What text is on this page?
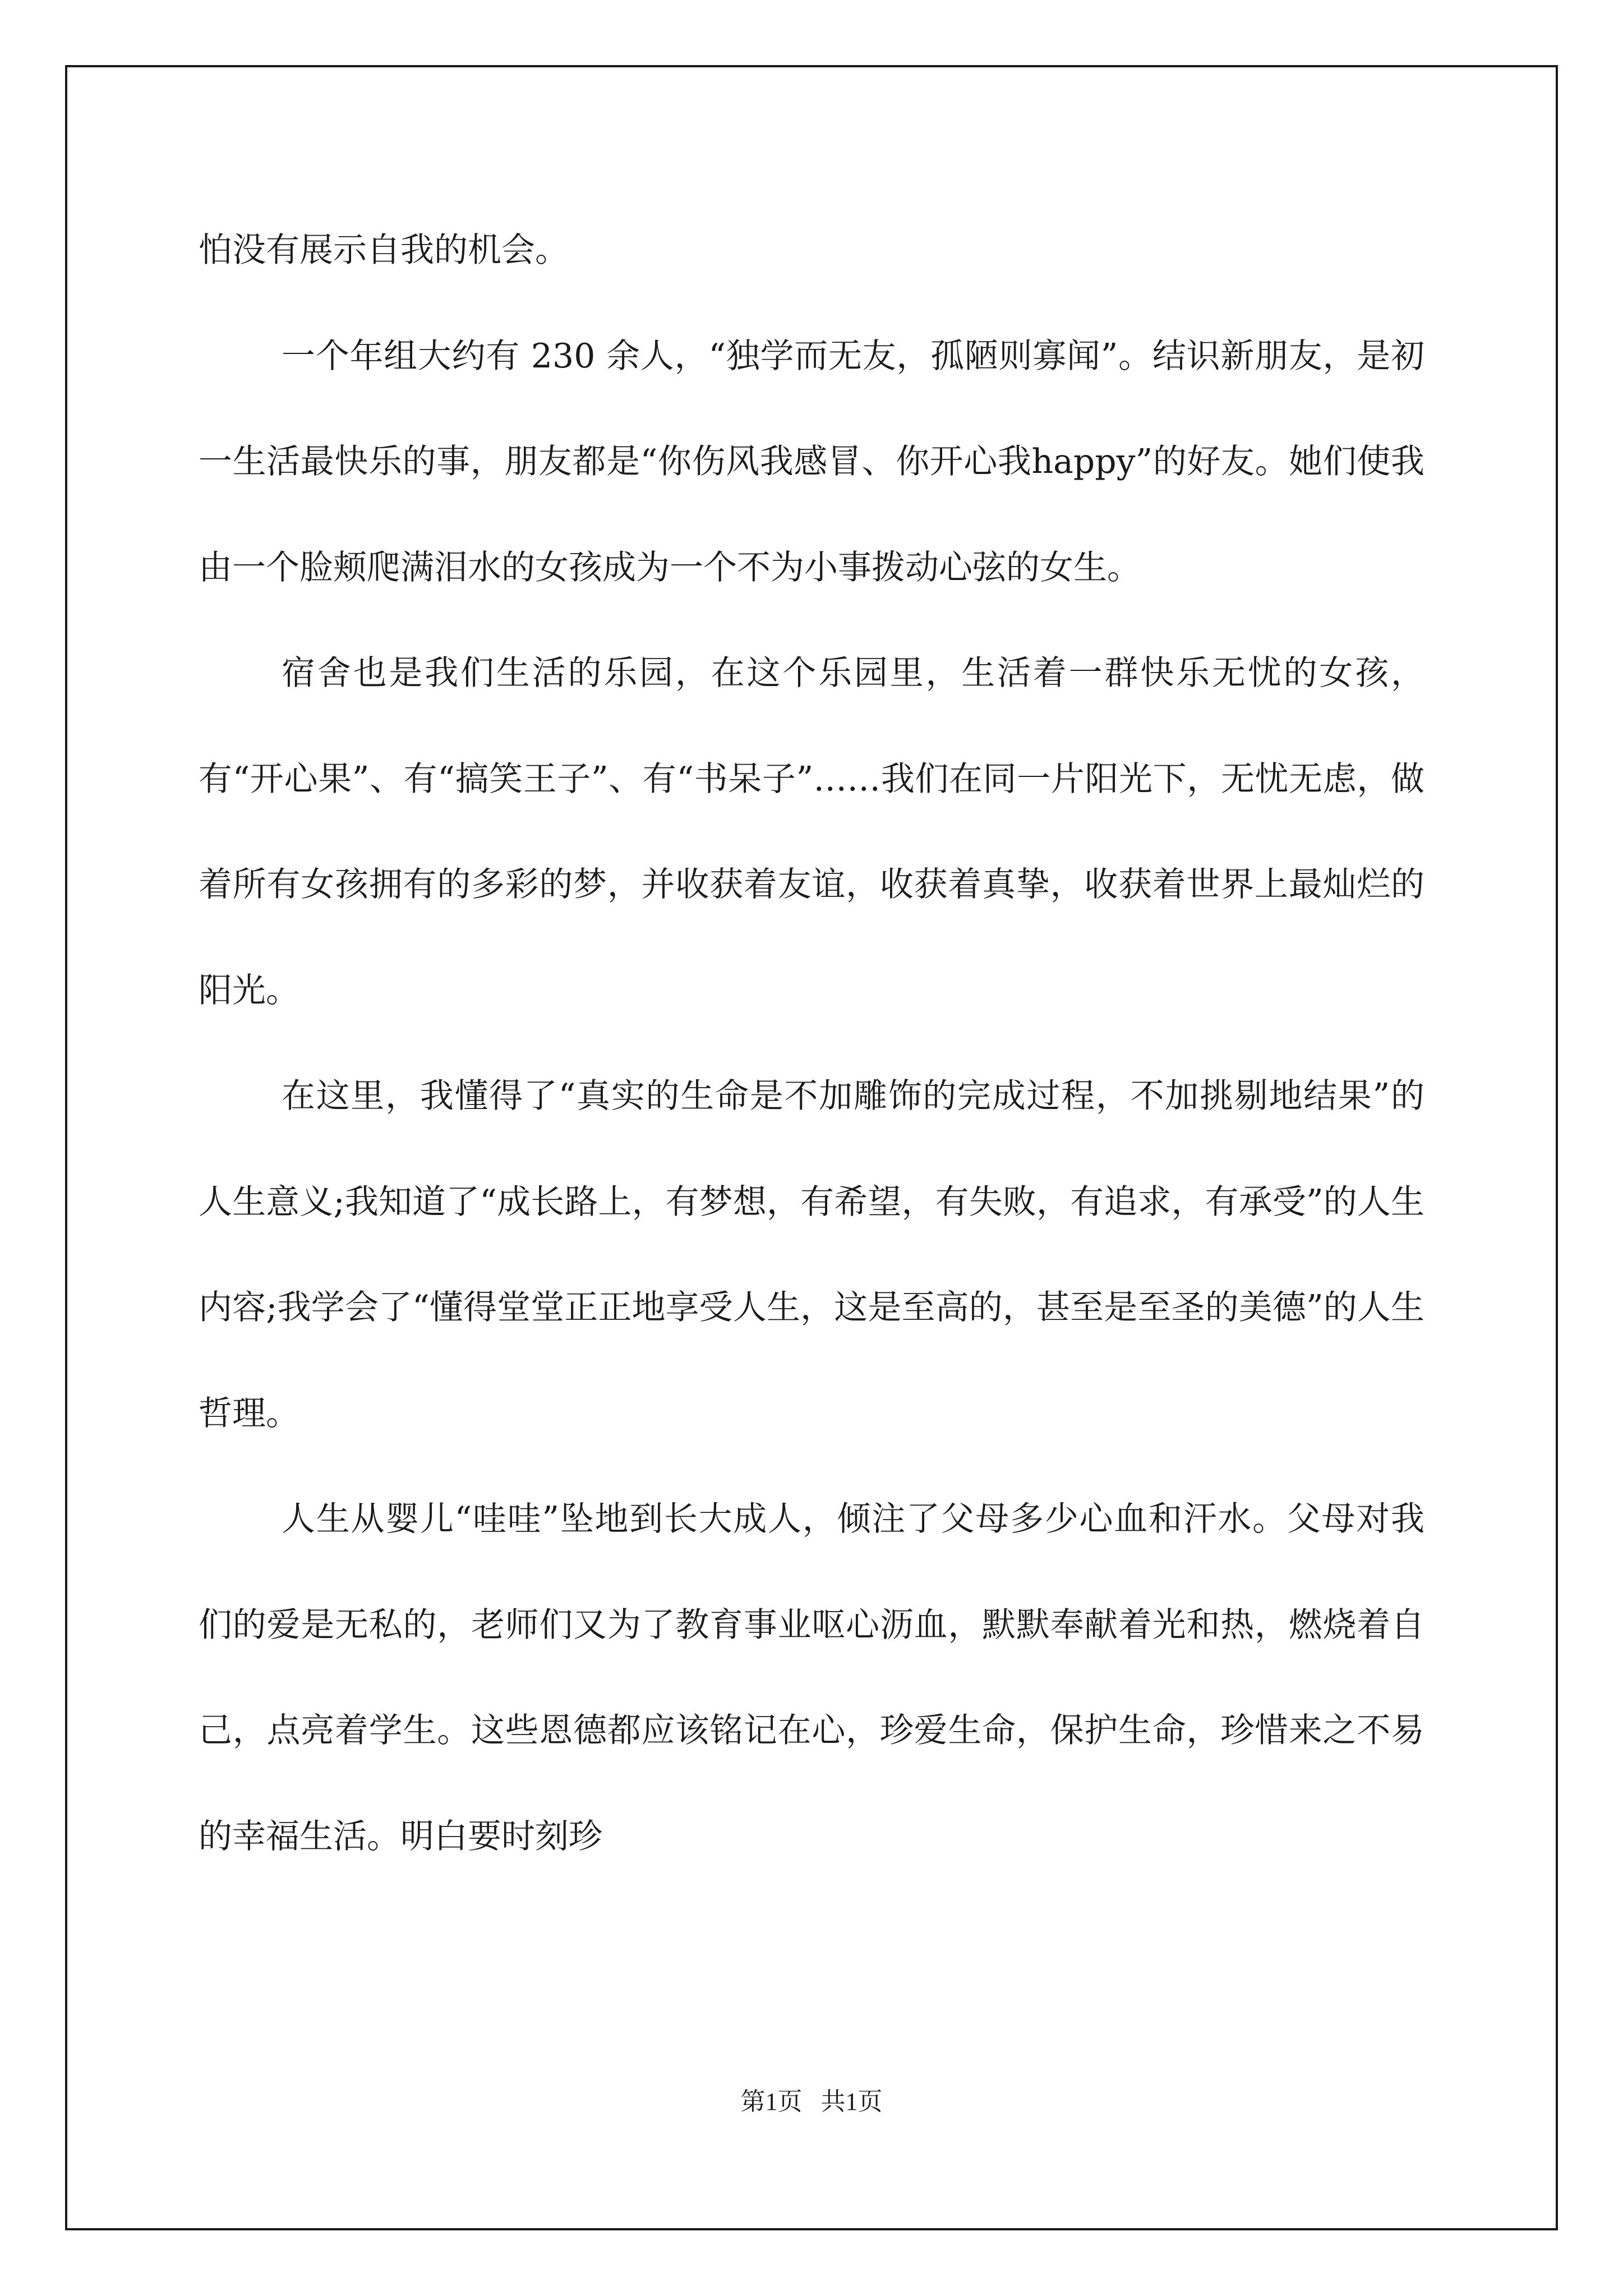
怕没有展示自我的机会。

一个年组大约有 230 余人，“独学而无友，孤陋则寡闻”。结识新朋友，是初一生活最快乐的事，朋友都是“你伤风我感冒、你开心我happy”的好友。她们使我由一个脸颊爬满泪水的女孩成为一个不为小事拨动心弦的女生。

宿舍也是我们生活的乐园，在这个乐园里，生活着一群快乐无忧的女孩，有“开心果”、有“搞笑王子”、有“书呆子”……我们在同一片阳光下，无忧无虑，做着所有女孩拥有的多彩的梦，并收获着友谊，收获着真挚，收获着世界上最灿烂的阳光。

在这里，我懂得了“真实的生命是不加雕饰的完成过程，不加挑剔地结果”的人生意义;我知道了“成长路上，有梦想，有希望，有失败，有追求，有承受”的人生内容;我学会了“懂得堂堂正正地享受人生，这是至高的，甚至是至圣的美德”的人生哲理。

人生从婴儿“哇哇”坠地到长大成人，倾注了父母多少心血和汗水。父母对我们的爱是无私的，老师们又为了教育事业呕心沥血，默默奉献着光和热，燃烧着自己，点亮着学生。这些恩德都应该铭记在心，珍爱生命，保护生命，珍惜来之不易的幸福生活。明白要时刻珍

第1页   共1页
